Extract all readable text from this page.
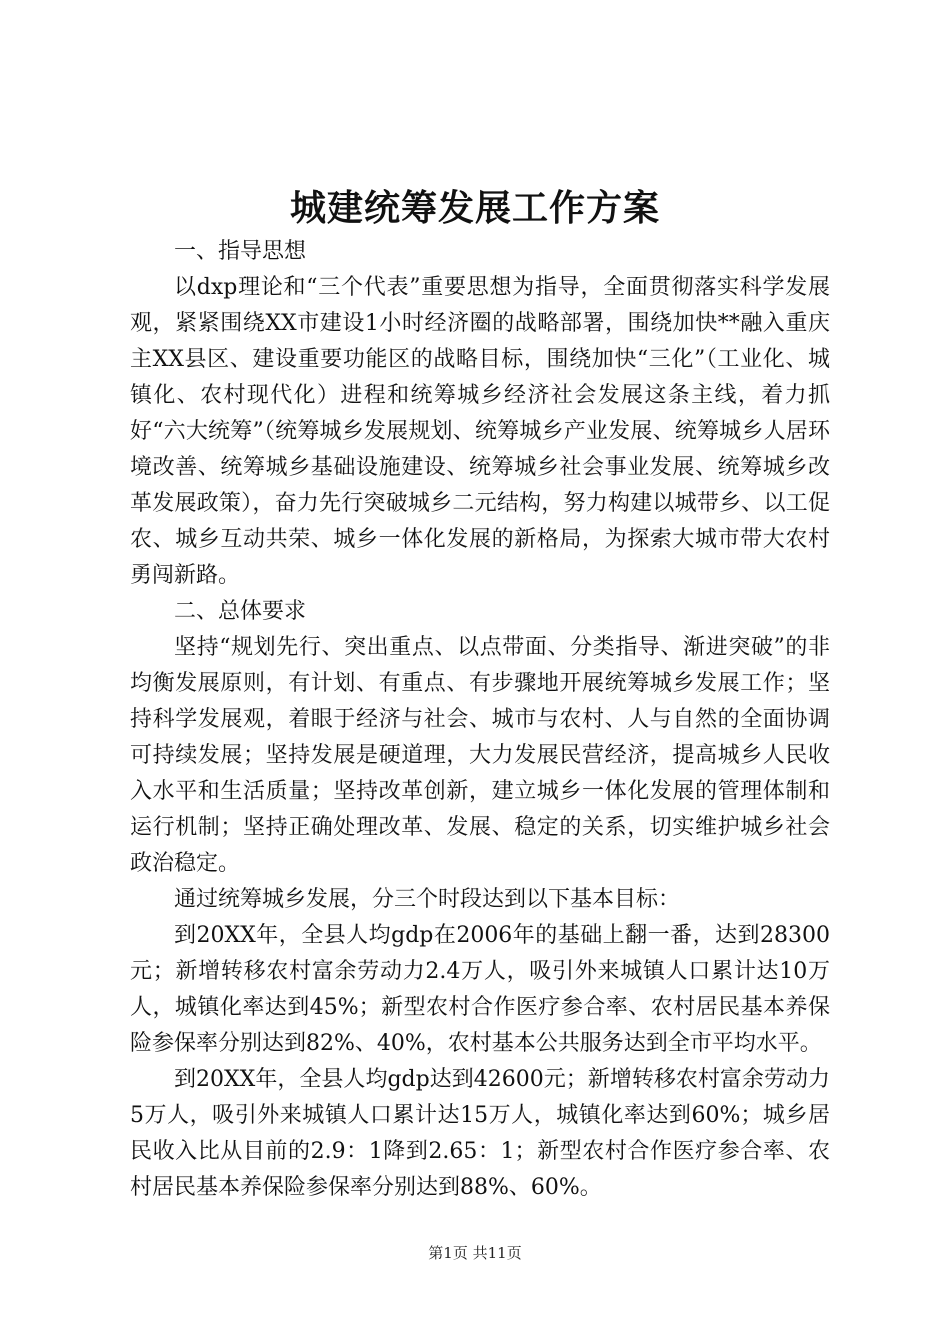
城建统筹发展工作方案

一、指导思想

以dxp理论和“三个代表”重要思想为指导，全面贯彻落实科学发展观，紧紧围绕XX市建设1小时经济圈的战略部署，围绕加快**融入重庆主XX县区、建设重要功能区的战略目标，围绕加快“三化”（工业化、城镇化、农村现代化）进程和统筹城乡经济社会发展这条主线，着力抓好“六大统筹”（统筹城乡发展规划、统筹城乡产业发展、统筹城乡人居环境改善、统筹城乡基础设施建设、统筹城乡社会事业发展、统筹城乡改革发展政策），奋力先行突破城乡二元结构，努力构建以城带乡、以工促农、城乡互动共荣、城乡一体化发展的新格局，为探索大城市带大农村勇闯新路。

二、总体要求

坚持“规划先行、突出重点、以点带面、分类指导、渐进突破”的非均衡发展原则，有计划、有重点、有步骤地开展统筹城乡发展工作；坚持科学发展观，着眼于经济与社会、城市与农村、人与自然的全面协调可持续发展；坚持发展是硬道理，大力发展民营经济，提高城乡人民收入水平和生活质量；坚持改革创新，建立城乡一体化发展的管理体制和运行机制；坚持正确处理改革、发展、稳定的关系，切实维护城乡社会政治稳定。

通过统筹城乡发展，分三个时段达到以下基本目标：

到20XX年，全县人均gdp在2006年的基础上翻一番，达到28300元；新增转移农村富余劳动力2.4万人，吸引外来城镇人口累计达10万人，城镇化率达到45%；新型农村合作医疗参合率、农村居民基本养保险参保率分别达到82%、40%，农村基本公共服务达到全市平均水平。

到20XX年，全县人均gdp达到42600元；新增转移农村富余劳动力5万人，吸引外来城镇人口累计达15万人，城镇化率达到60%；城乡居民收入比从目前的2.9：1降到2.65：1；新型农村合作医疗参合率、农村居民基本养保险参保率分别达到88%、60%。

第1页 共11页
